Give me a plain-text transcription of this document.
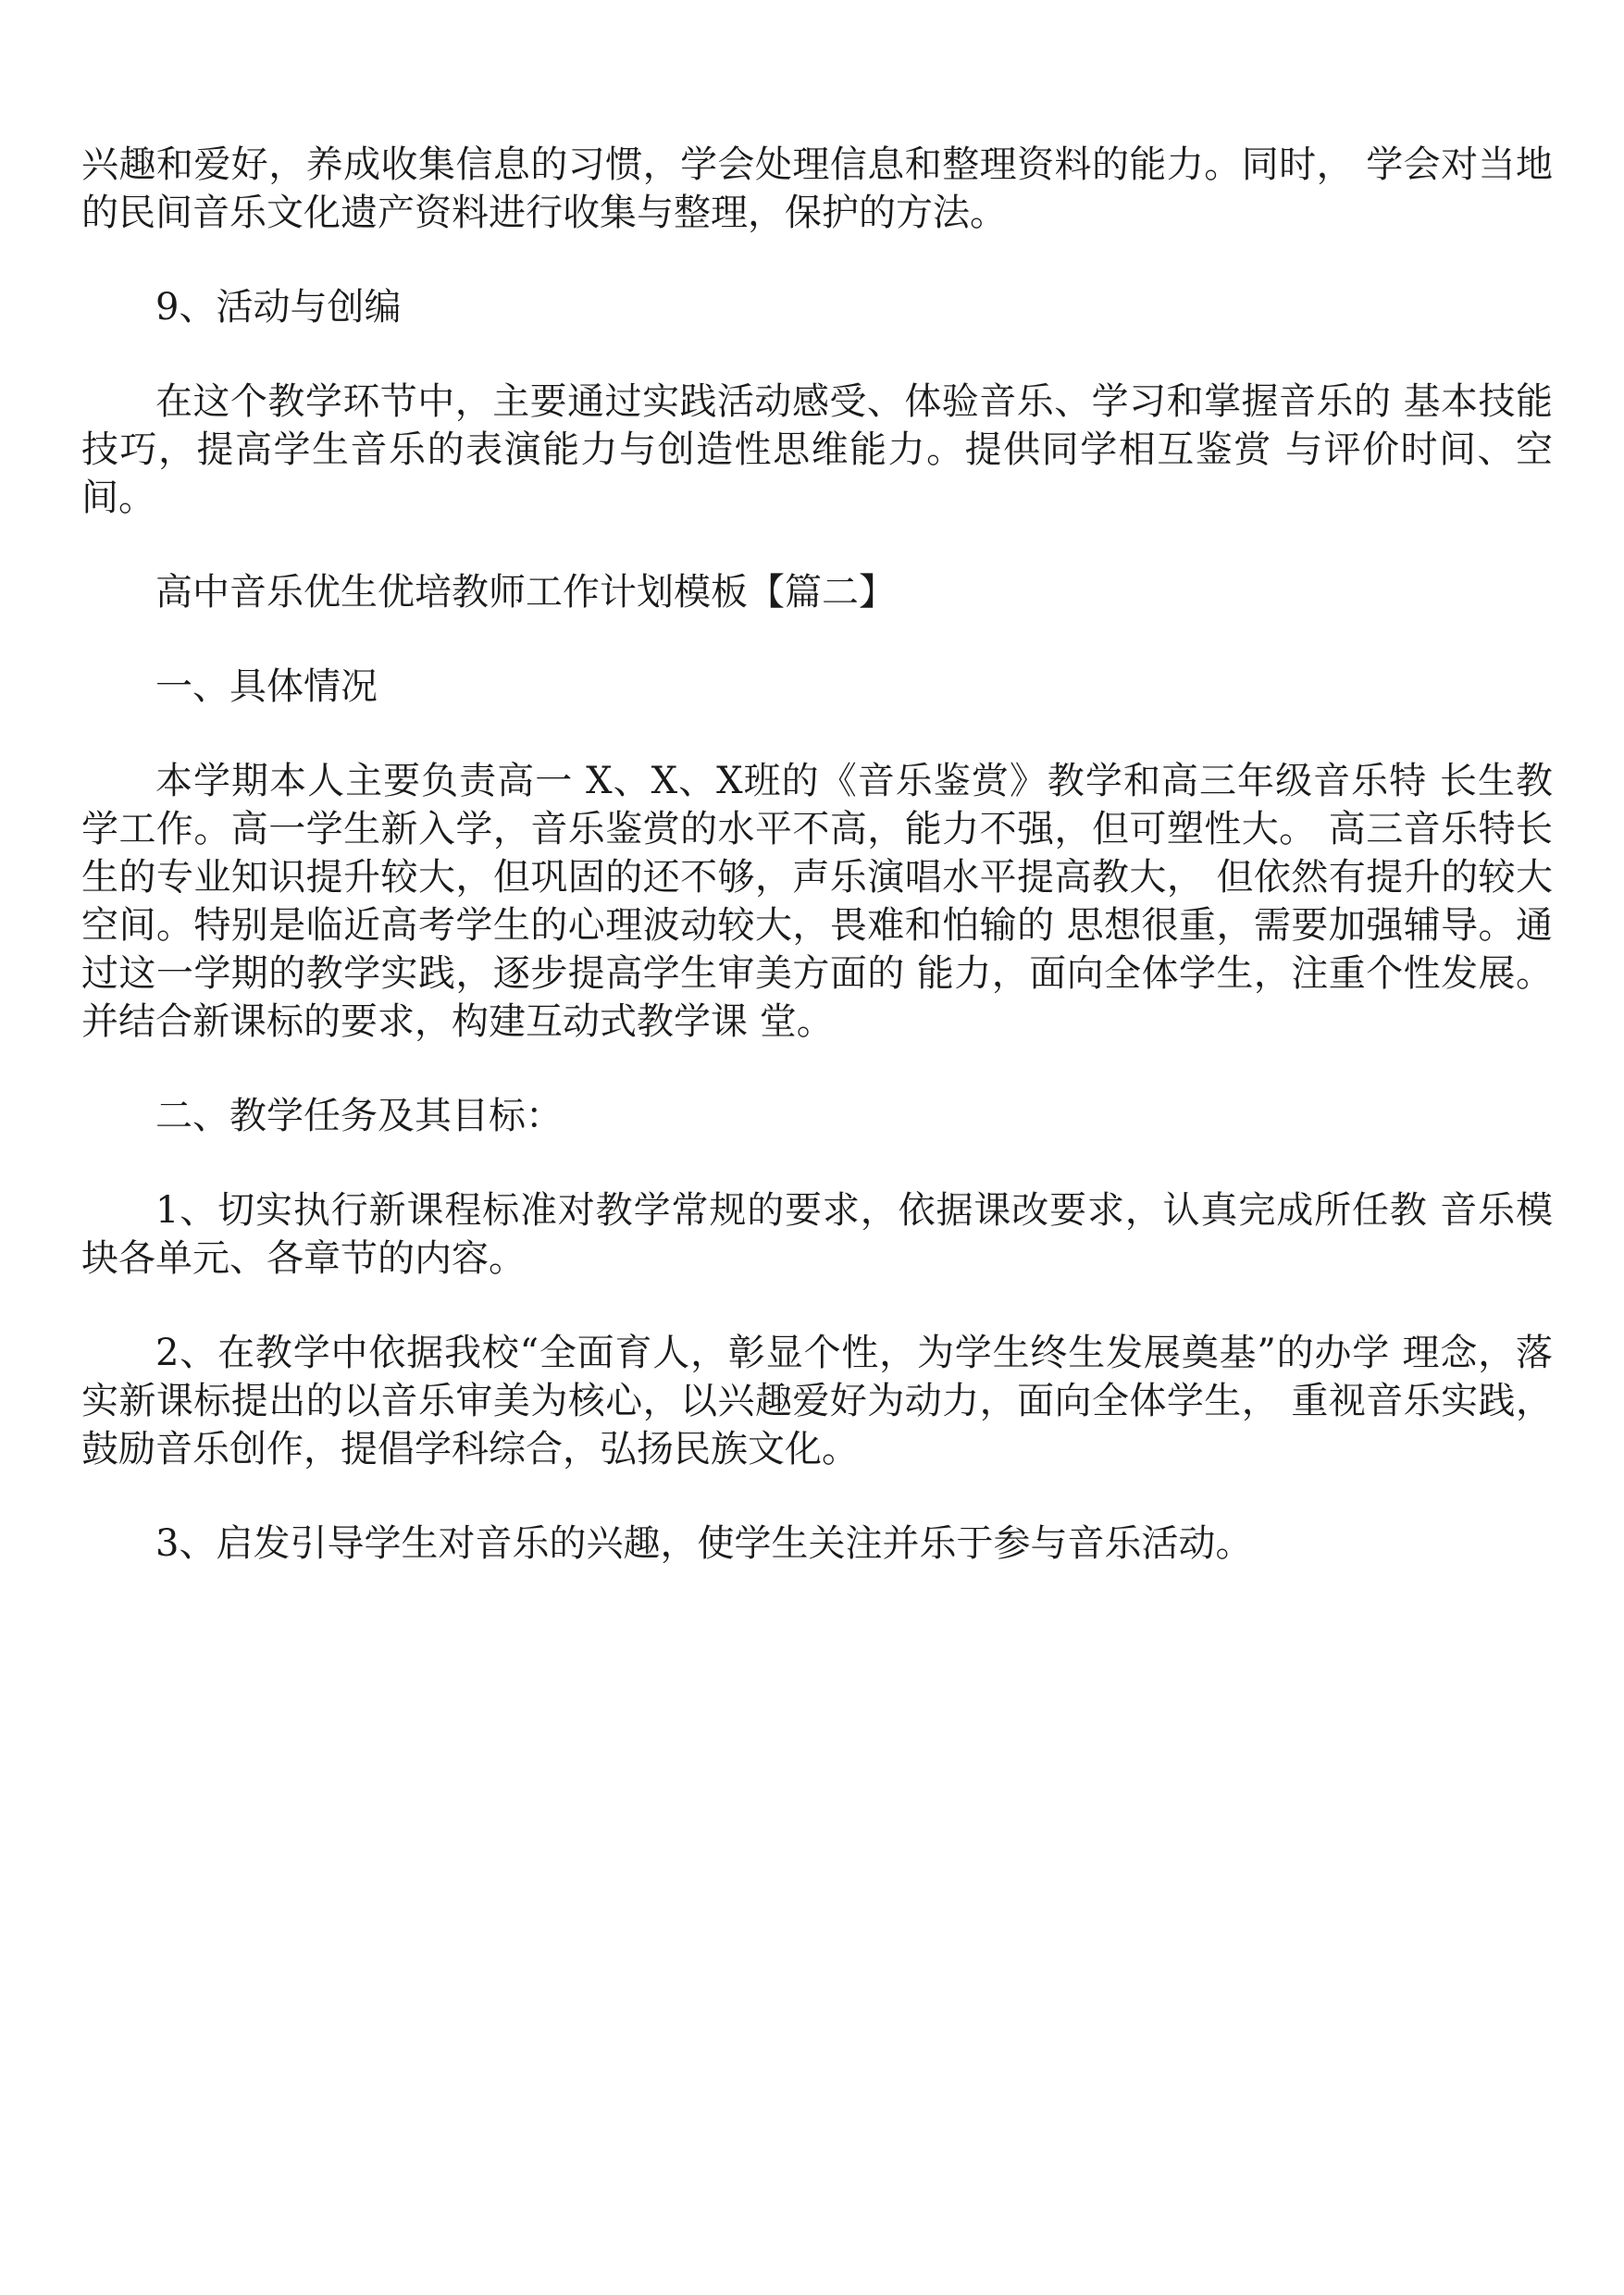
兴趣和爱好，养成收集信息的习惯，学会处理信息和整理资料的能力。同时， 学会对当地的民间音乐文化遗产资料进行收集与整理，保护的方法。

9、活动与创编

在这个教学环节中，主要通过实践活动感受、体验音乐、学习和掌握音乐的 基本技能技巧，提高学生音乐的表演能力与创造性思维能力。提供同学相互鉴赏 与评价时间、空间。

高中音乐优生优培教师工作计划模板【篇二】

一、具体情况

本学期本人主要负责高一 X、X、X班的《音乐鉴赏》教学和高三年级音乐特 长生教学工作。高一学生新入学，音乐鉴赏的水平不高，能力不强，但可塑性大。 高三音乐特长生的专业知识提升较大，但巩固的还不够，声乐演唱水平提高教大， 但依然有提升的较大空间。特别是临近高考学生的心理波动较大，畏难和怕输的 思想很重，需要加强辅导。通过这一学期的教学实践，逐步提高学生审美方面的 能力，面向全体学生，注重个性发展。并结合新课标的要求，构建互动式教学课 堂。

二、教学任务及其目标：

1、切实执行新课程标准对教学常规的要求，依据课改要求，认真完成所任教 音乐模块各单元、各章节的内容。

2、在教学中依据我校“全面育人，彰显个性，为学生终生发展奠基”的办学 理念，落实新课标提出的以音乐审美为核心，以兴趣爱好为动力，面向全体学生， 重视音乐实践，鼓励音乐创作，提倡学科综合，弘扬民族文化。

3、启发引导学生对音乐的兴趣，使学生关注并乐于参与音乐活动。
